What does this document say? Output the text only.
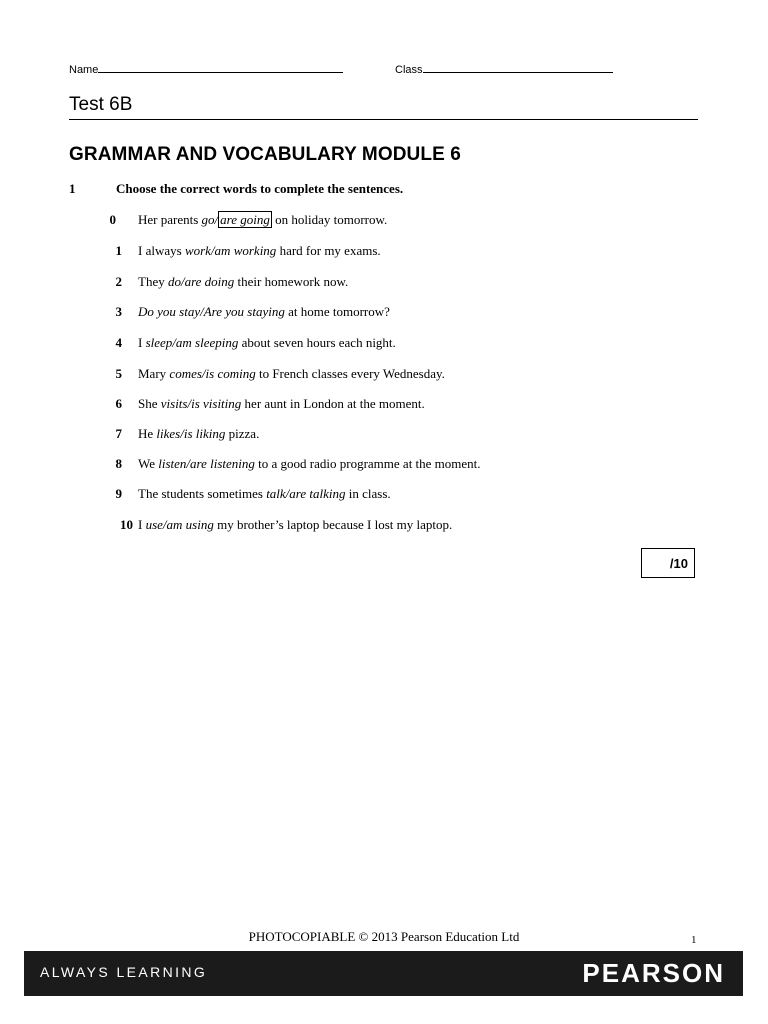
Name	Class
Test 6B
GRAMMAR AND VOCABULARY MODULE 6
1	Choose the correct words to complete the sentences.
0 Her parents go/ are going on holiday tomorrow.
1 I always work/am working hard for my exams.
2 They do/are doing their homework now.
3 Do you stay/Are you staying at home tomorrow?
4 I sleep/am sleeping about seven hours each night.
5 Mary comes/is coming to French classes every Wednesday.
6 She visits/is visiting her aunt in London at the moment.
7 He likes/is liking pizza.
8 We listen/are listening to a good radio programme at the moment.
9 The students sometimes talk/are talking in class.
10 I use/am using my brother’s laptop because I lost my laptop.
/10
PHOTOCOPIABLE © 2013 Pearson Education Ltd	1
ALWAYS LEARNING	PEARSON
